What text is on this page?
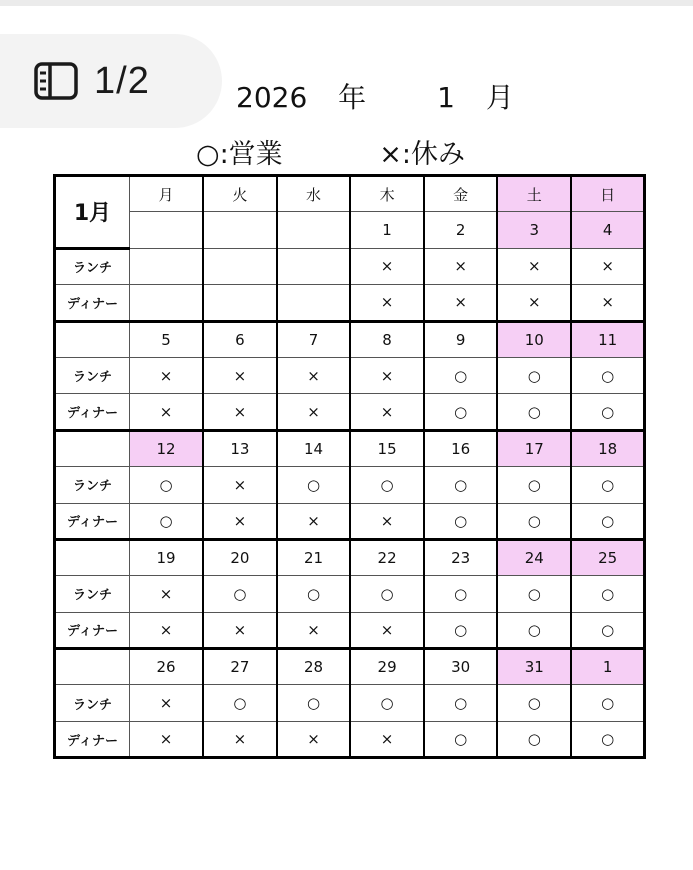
1/2	2026 年	1 月
○:営業	×:休み
1月	月	火	水	木	金	土	日
				1	2	3	4
ランチ				×	×	×	×
ディナー				×	×	×	×
	5	6	7	8	9	10	11
ランチ	×	×	×	×	○	○	○
ディナー	×	×	×	×	○	○	○
	12	13	14	15	16	17	18
ランチ	○	×	○	○	○	○	○
ディナー	○	×	×	×	○	○	○
	19	20	21	22	23	24	25
ランチ	×	○	○	○	○	○	○
ディナー	×	×	×	×	○	○	○
	26	27	28	29	30	31	1
ランチ	×	○	○	○	○	○	○
ディナー	×	×	×	×	○	○	○
